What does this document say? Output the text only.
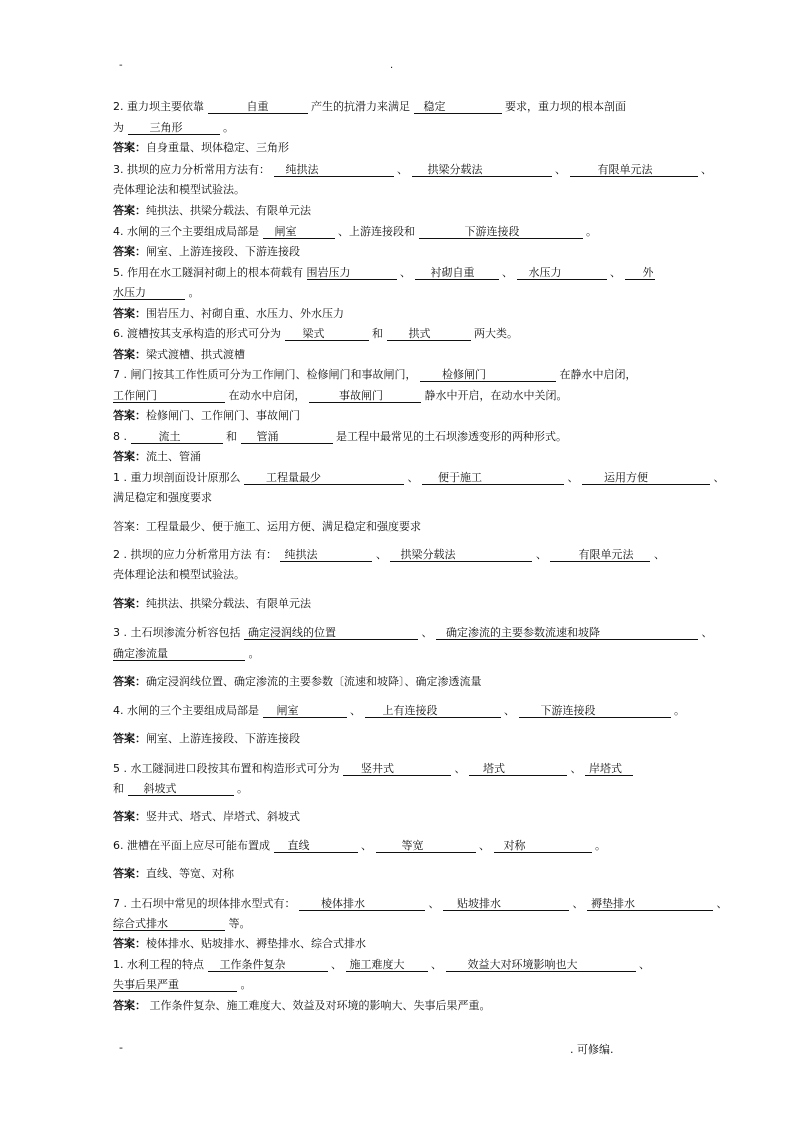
-	.
2. 重力坝主要依靠	自重	产生的抗滑力来满足 稳定	要求，重力坝的根本剖面
为 三角形	。
答案：自身重量、坝体稳定、三角形
3. 拱坝的应力分析常用方法有： 纯拱法	、 拱梁分载法	、	有限单元法	、
壳体理论法和模型试验法。
答案：纯拱法、拱梁分载法、有限单元法
4. 水闸的三个主要组成局部是 闸室	、上游连接段和	下游连接段	。
答案：闸室、上游连接段、下游连接段
5. 作用在水工隧洞衬砌上的根本荷载有 围岩压力	、 衬砌自重	、 水压力	、 外
水压力	。
答案：围岩压力、衬砌自重、水压力、外水压力
6. 渡槽按其支承构造的形式可分为 梁式	和 拱式	两大类。
答案：梁式渡槽、拱式渡槽
7 . 闸门按其工作性质可分为工作闸门、检修闸门和事故闸门， 检修闸门	在静水中启闭，
工作闸门	在动水中启闭，	事故闸门	静水中开启，在动水中关闭。
答案：检修闸门、工作闸门、事故闸门
8 .	流土	和 管涌	是工程中最常见的土石坝渗透变形的两种形式。
答案：流土、管涌
1 . 重力坝剖面设计原那么 工程量最少	、 便于施工	、 运用方便	、
满足稳定和强度要求
答案：工程量最少、便于施工、运用方便、满足稳定和强度要求
2 . 拱坝的应力分析常用方法 有： 纯拱法	、 拱梁分载法	、	有限单元法 、
壳体理论法和模型试验法。
答案：纯拱法、拱梁分载法、有限单元法
3 . 土石坝渗流分析容包括 确定浸润线的位置	、 确定渗流的主要参数流速和坡降	、
确定渗流量	。
答案：确定浸润线位置、确定渗流的主要参数〔流速和坡降〕、确定渗透流量
4. 水闸的三个主要组成局部是 闸室	、 上有连接段	、 下游连接段	。
答案：闸室、上游连接段、下游连接段
5 . 水工隧洞进口段按其布置和构造形式可分为 竖井式	、 塔式	、 岸塔式
和 斜坡式	。
答案：竖井式、塔式、岸塔式、斜坡式
6. 泄槽在平面上应尽可能布置成 直线	、	等宽	、 对称	。
答案：直线、等宽、对称
7 . 土石坝中常见的坝体排水型式有： 棱体排水	、 贴坡排水	、 褥垫排水	、
综合式排水	等。
答案：棱体排水、贴坡排水、褥垫排水、综合式排水
1. 水利工程的特点 工作条件复杂	、 施工难度大 、 效益大对环境影响也大	、
失事后果严重	。
答案： 工作条件复杂、施工难度大、效益及对环境的影响大、失事后果严重。
-	. 可修编.
